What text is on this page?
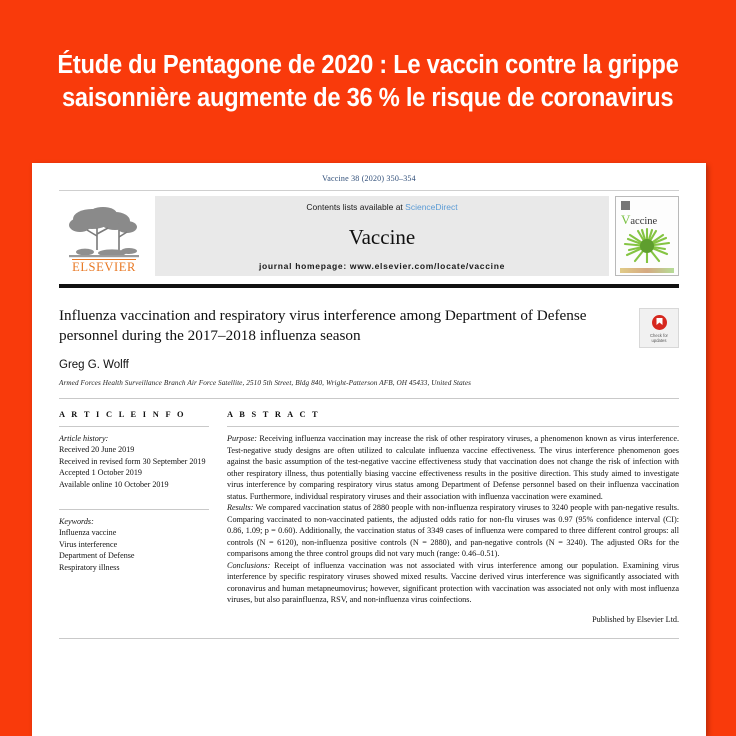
Étude du Pentagone de 2020 : Le vaccin contre la grippe
saisonnière augmente de 36 % le risque de coronavirus
Vaccine 38 (2020) 350–354
ELSEVIER
Contents lists available at ScienceDirect
Vaccine
journal homepage: www.elsevier.com/locate/vaccine
Vaccine
Influenza vaccination and respiratory virus interference among Department of Defense personnel during the 2017–2018 influenza season	Check for
updates
Greg G. Wolff
Armed Forces Health Surveillance Branch Air Force Satellite, 2510 5th Street, Bldg 840, Wright-Patterson AFB, OH 45433, United States
A R T I C L E I N F O
Article history:
Received 20 June 2019
Received in revised form 30 September 2019
Accepted 1 October 2019
Available online 10 October 2019
Keywords:
Influenza vaccine
Virus interference
Department of Defense
Respiratory illness
A B S T R A C T
Purpose: Receiving influenza vaccination may increase the risk of other respiratory viruses, a phenomenon known as virus interference. Test-negative study designs are often utilized to calculate influenza vaccine effectiveness. The virus interference phenomenon goes against the basic assumption of the test-negative vaccine effectiveness study that vaccination does not change the risk of infection with other respiratory illness, thus potentially biasing vaccine effectiveness results in the positive direction. This study aimed to investigate virus interference by comparing respiratory virus status among Department of Defense personnel based on their influenza vaccination status. Furthermore, individual respiratory viruses and their association with influenza vaccination were examined.
Results: We compared vaccination status of 2880 people with non-influenza respiratory viruses to 3240 people with pan-negative results. Comparing vaccinated to non-vaccinated patients, the adjusted odds ratio for non-flu viruses was 0.97 (95% confidence interval (CI): 0.86, 1.09; p = 0.60). Additionally, the vaccination status of 3349 cases of influenza were compared to three different control groups: all controls (N = 6120), non-influenza positive controls (N = 2880), and pan-negative controls (N = 3240). The adjusted ORs for the comparisons among the three control groups did not vary much (range: 0.46–0.51).
Conclusions: Receipt of influenza vaccination was not associated with virus interference among our population. Examining virus interference by specific respiratory viruses showed mixed results. Vaccine derived virus interference was significantly associated with coronavirus and human metapneumovirus; however, significant protection with vaccination was associated not only with most influenza viruses, but also parainfluenza, RSV, and non-influenza virus coinfections.
Published by Elsevier Ltd.
